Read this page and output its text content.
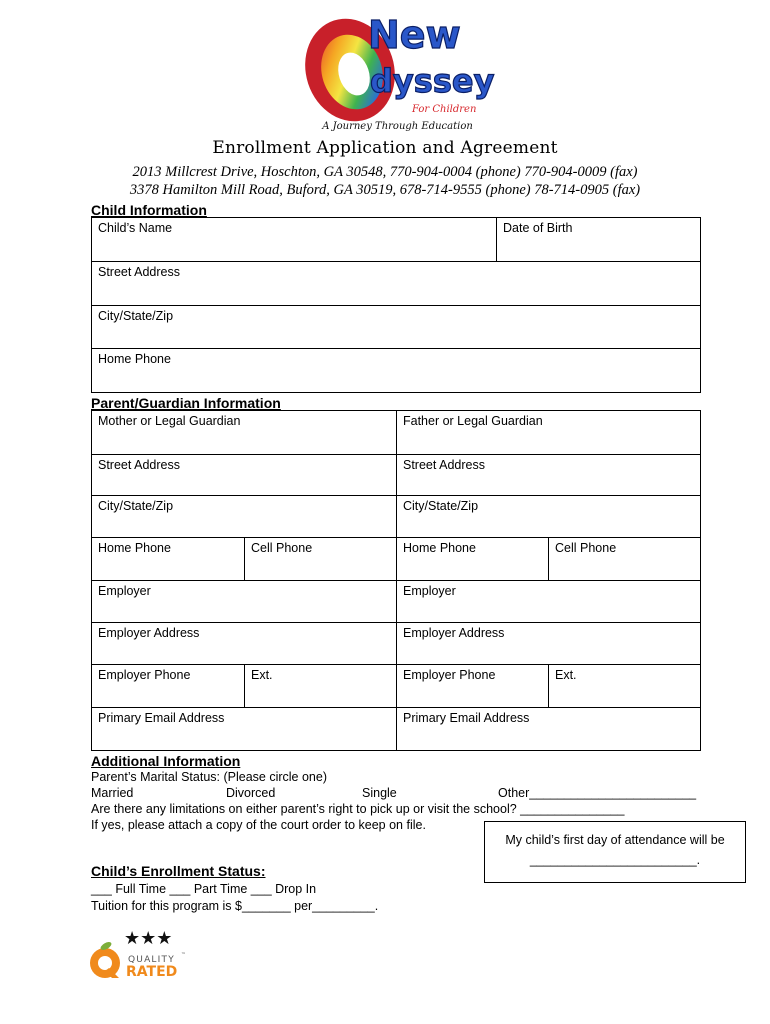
New
dyssey
For Children
A Journey Through Education
Enrollment Application and Agreement
2013 Millcrest Drive, Hoschton, GA 30548, 770-904-0004 (phone) 770-904-0009 (fax)
3378 Hamilton Mill Road, Buford, GA 30519, 678-714-9555 (phone) 78-714-0905 (fax)
Child Information
Child’s Name	Date of Birth
Street Address
City/State/Zip
Home Phone
Parent/Guardian Information
Mother or Legal Guardian	Father or Legal Guardian
Street Address	Street Address
City/State/Zip	City/State/Zip
Home Phone	Cell Phone	Home Phone	Cell Phone
Employer	Employer
Employer Address	Employer Address
Employer Phone	Ext.	Employer Phone	Ext.
Primary Email Address	Primary Email Address
Additional Information
Parent’s Marital Status: (Please circle one)
Married	Divorced	Single	Other________________________
Are there any limitations on either parent’s right to pick up or visit the school? _______________
If yes, please attach a copy of the court order to keep on file.
My child’s first day of attendance will be
________________________.
Child’s Enrollment Status:
___ Full Time ___ Part Time ___ Drop In
Tuition for this program is $_______ per_________.
★★★
QUALITY ™
RATED
